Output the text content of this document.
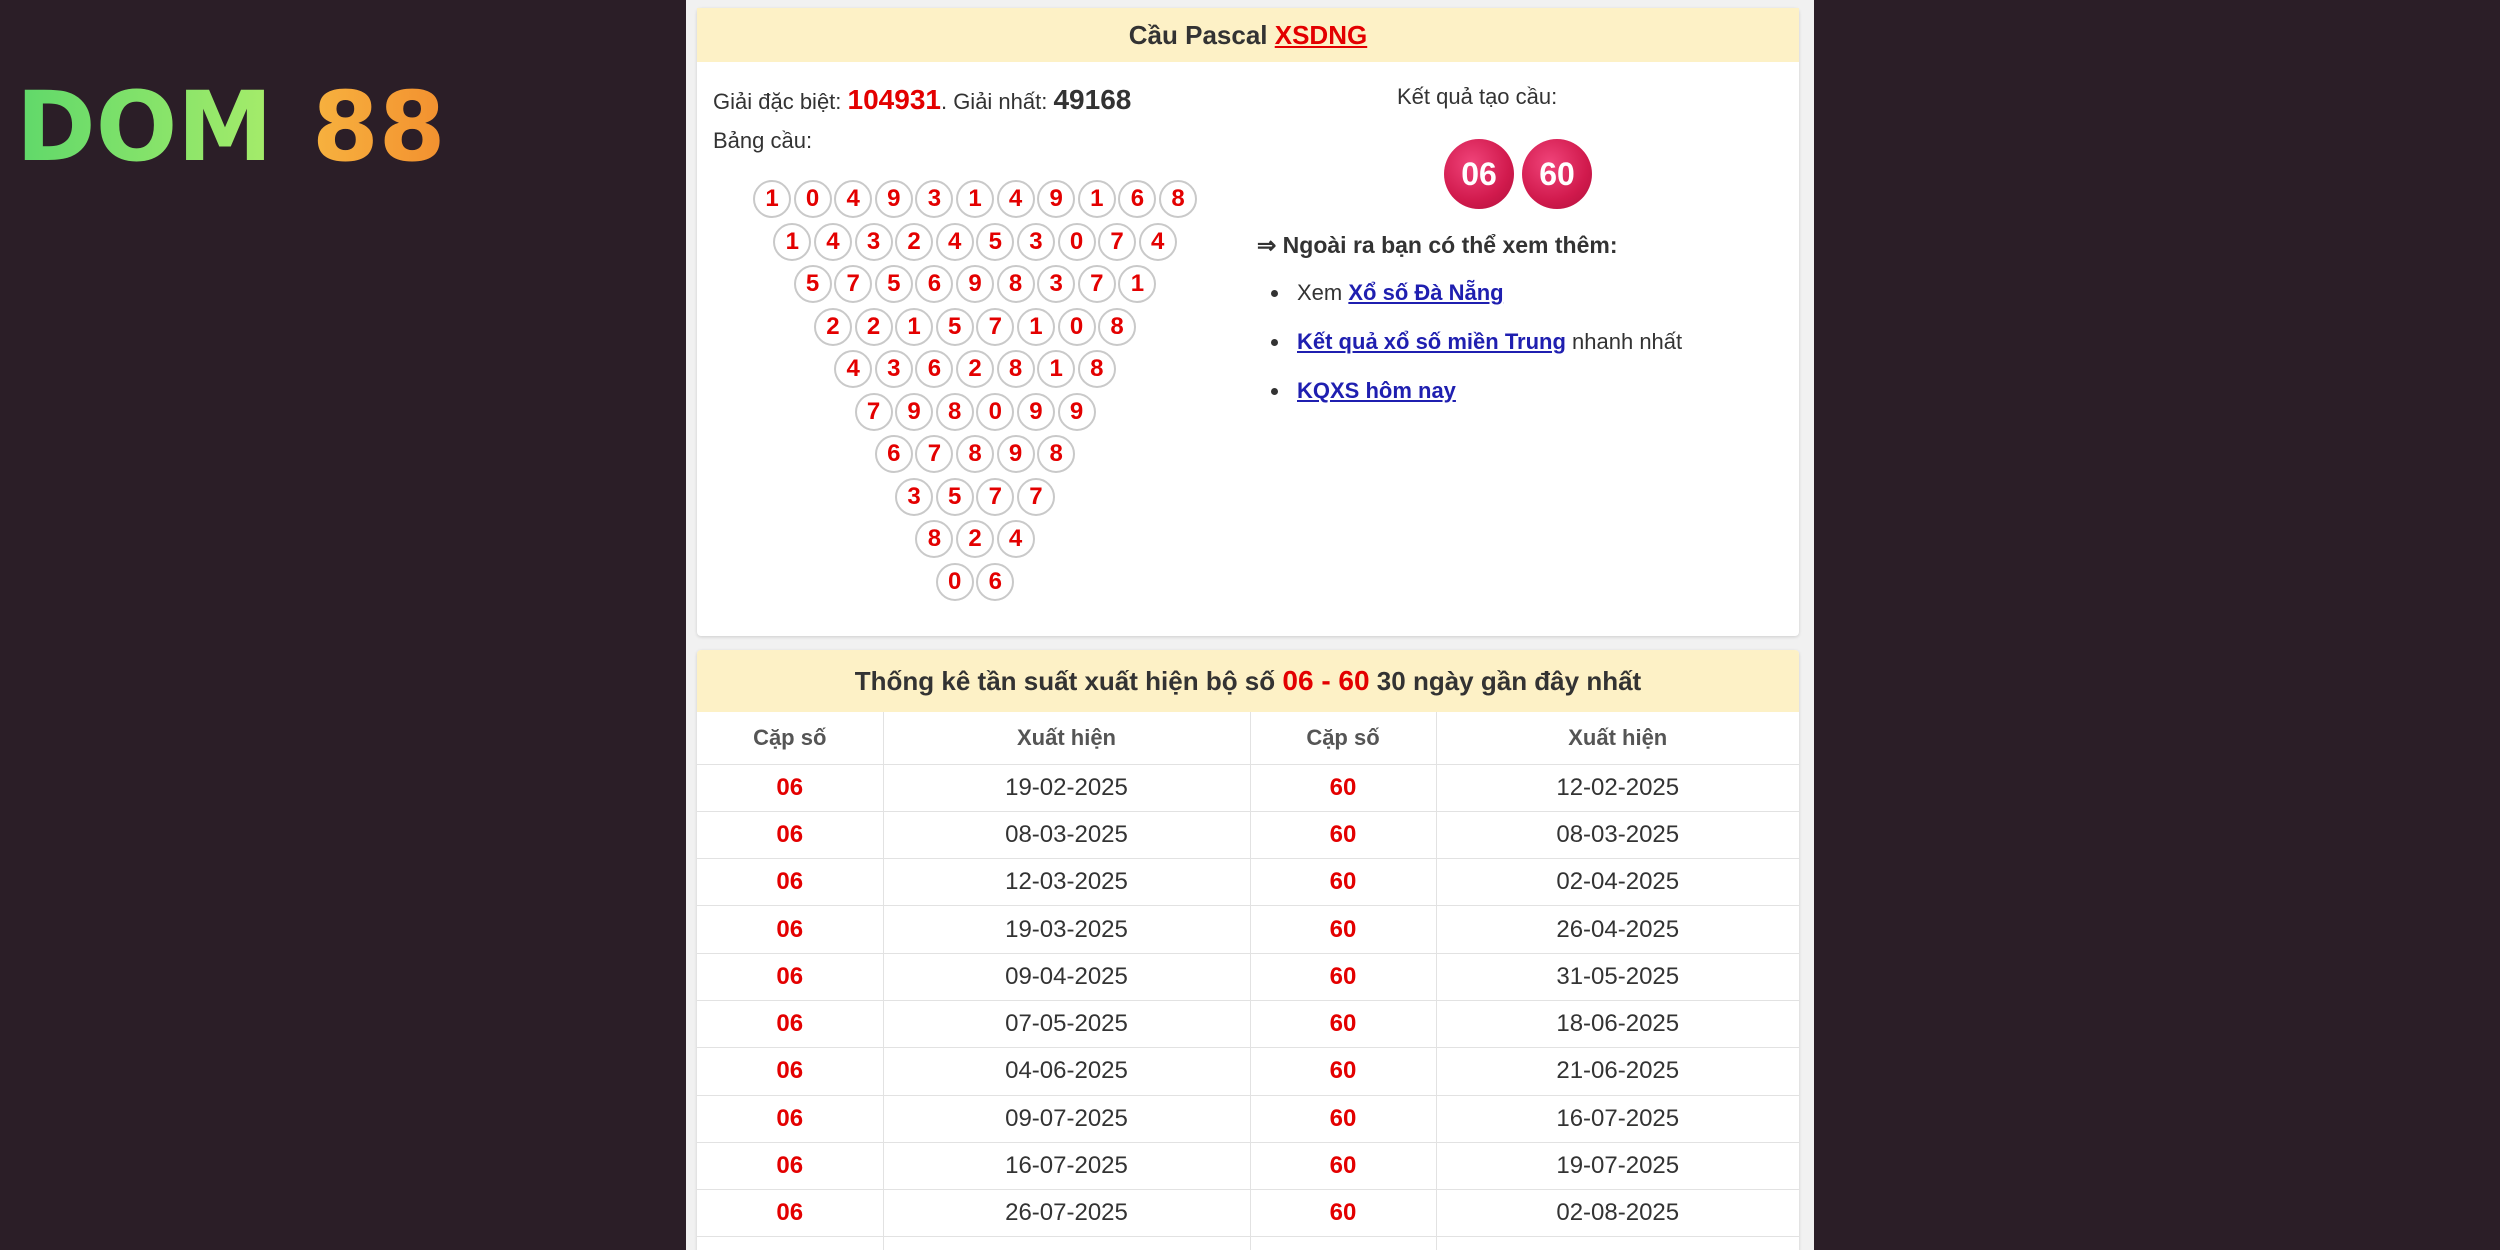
DOM 88
Cầu Pascal XSDNG
Giải đặc biệt: 104931. Giải nhất: 49168
Bảng cầu:
1	0	4	9	3	1	4	9	1	6	8
1	4	3	2	4	5	3	0	7	4
5	7	5	6	9	8	3	7	1
2	2	1	5	7	1	0	8
4	3	6	2	8	1	8
7	9	8	0	9	9
6	7	8	9	8
3	5	7	7
8	2	4
0	6
Kết quả tạo cầu:
06	60
⇒ Ngoài ra bạn có thể xem thêm:
Xem Xổ số Đà Nẵng
Kết quả xổ số miền Trung nhanh nhất
KQXS hôm nay
Thống kê tần suất xuất hiện bộ số 06 - 60 30 ngày gần đây nhất
Cặp số	Xuất hiện	Cặp số	Xuất hiện
06	19-02-2025	60	12-02-2025
06	08-03-2025	60	08-03-2025
06	12-03-2025	60	02-04-2025
06	19-03-2025	60	26-04-2025
06	09-04-2025	60	31-05-2025
06	07-05-2025	60	18-06-2025
06	04-06-2025	60	21-06-2025
06	09-07-2025	60	16-07-2025
06	16-07-2025	60	19-07-2025
06	26-07-2025	60	02-08-2025
